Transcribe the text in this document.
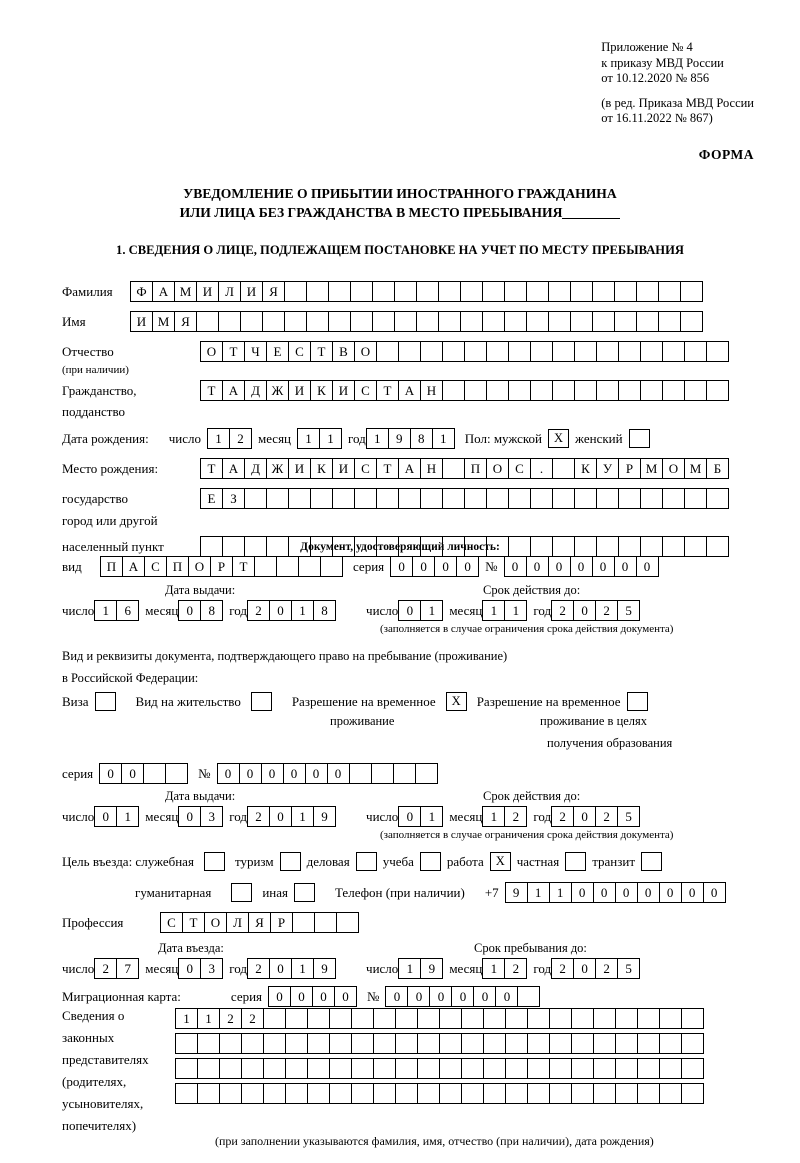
Приложение № 4
к приказу МВД России
от 10.12.2020 № 856
(в ред. Приказа МВД России
от 16.11.2022 № 867)
ФОРМА
УВЕДОМЛЕНИЕ О ПРИБЫТИИ ИНОСТРАННОГО ГРАЖДАНИНА
ИЛИ ЛИЦА БЕЗ ГРАЖДАНСТВА В МЕСТО ПРЕБЫВАНИЯ
1. СВЕДЕНИЯ О ЛИЦЕ, ПОДЛЕЖАЩЕМ ПОСТАНОВКЕ НА УЧЕТ ПО МЕСТУ ПРЕБЫВАНИЯ
Фамилия	Ф А М И Л И Я
Имя	И М Я
Отчество	О	Т	Ч	Е	С	Т	В О
(при наличии)
Гражданство,	Т	А Д Ж И К И С	Т	А Н
подданство
Дата рождения: число	1	2	месяц	1	1	год 1	9	8	1	Пол: мужской X женский
Место рождения:	Т	А Д Ж И К И С	Т	А Н	П О С	.	К	У	Р М О М Б
государство	Е	З
город или другой
населенный пункт	Документ, удостоверяющий личность:
вид	П А С П О	Р	Т	серия	0	0	0	0	№	0	0	0	0	0	0	0
Дата выдачи:	Срок действия до:
число 1	6	месяц 0	8	год 2	0	1	8	число 0	1	месяц 1	1	год 2	0	2	5
(заполняется в случае ограничения срока действия документа)
Вид и реквизиты документа, подтверждающего право на пребывание (проживание)
в Российской Федерации:
Виза	Вид на жительство	Разрешение на временное	X	Разрешение на временное
проживание	проживание в целях
получения образования
серия	0	0	№	0	0	0	0	0	0
Дата выдачи:	Срок действия до:
число 0	1	месяц 0	3	год 2	0	1	9	число 0	1	месяц 1	2	год 2	0	2	5
(заполняется в случае ограничения срока действия документа)
Цель въезда: служебная	туризм	деловая	учеба	работа X частная	транзит
гуманитарная	иная	Телефон (при наличии) +7	9	1	1	0	0	0	0	0	0	0
Профессия	С	Т	О Л	Я	Р
Дата въезда:	Срок пребывания до:
число 2	7	месяц 0	3	год 2	0	1	9	число 1	9	месяц 1	2	год 2	0	2	5
Миграционная карта:	серия	0	0	0	0	№	0	0	0	0	0	0
Сведения о
законных
представителях
(родителях,
усыновителях,
попечителях)
1	1	2	2
(при заполнении указываются фамилия, имя, отчество (при наличии), дата рождения)
